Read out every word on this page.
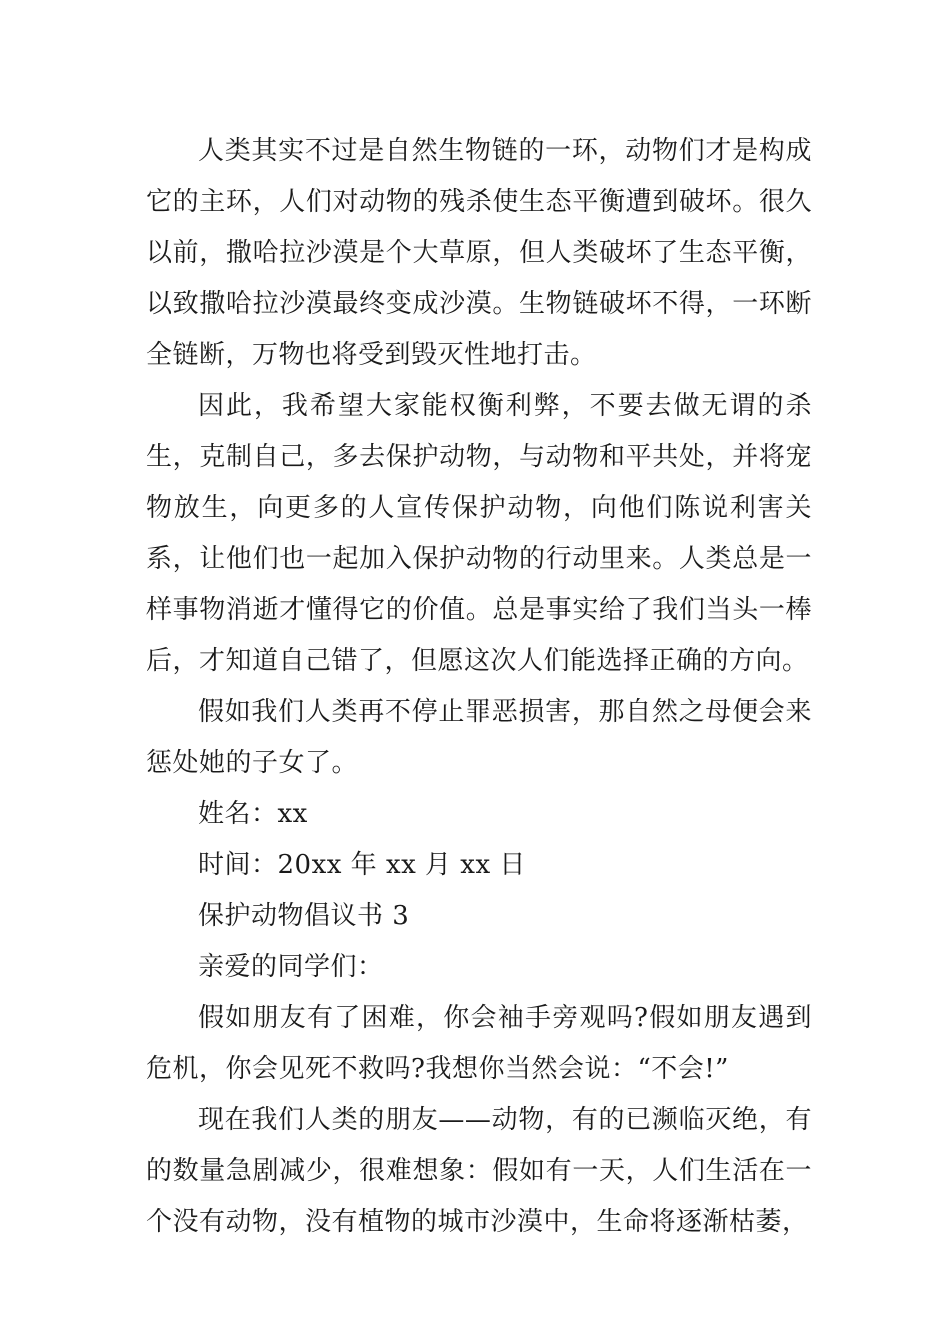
人类其实不过是自然生物链的一环，动物们才是构成它的主环，人们对动物的残杀使生态平衡遭到破坏。很久以前，撒哈拉沙漠是个大草原，但人类破坏了生态平衡，以致撒哈拉沙漠最终变成沙漠。生物链破坏不得，一环断全链断，万物也将受到毁灭性地打击。

因此，我希望大家能权衡利弊，不要去做无谓的杀生，克制自己，多去保护动物，与动物和平共处，并将宠物放生，向更多的人宣传保护动物，向他们陈说利害关系，让他们也一起加入保护动物的行动里来。人类总是一样事物消逝才懂得它的价值。总是事实给了我们当头一棒后，才知道自己错了，但愿这次人们能选择正确的方向。

假如我们人类再不停止罪恶损害，那自然之母便会来惩处她的子女了。

姓名：xx

时间：20xx 年 xx 月 xx 日

保护动物倡议书 3

亲爱的同学们：

假如朋友有了困难，你会袖手旁观吗?假如朋友遇到危机，你会见死不救吗?我想你当然会说：“不会!”

现在我们人类的朋友——动物，有的已濒临灭绝，有的数量急剧减少，很难想象：假如有一天，人们生活在一个没有动物，没有植物的城市沙漠中，生命将逐渐枯萎，
